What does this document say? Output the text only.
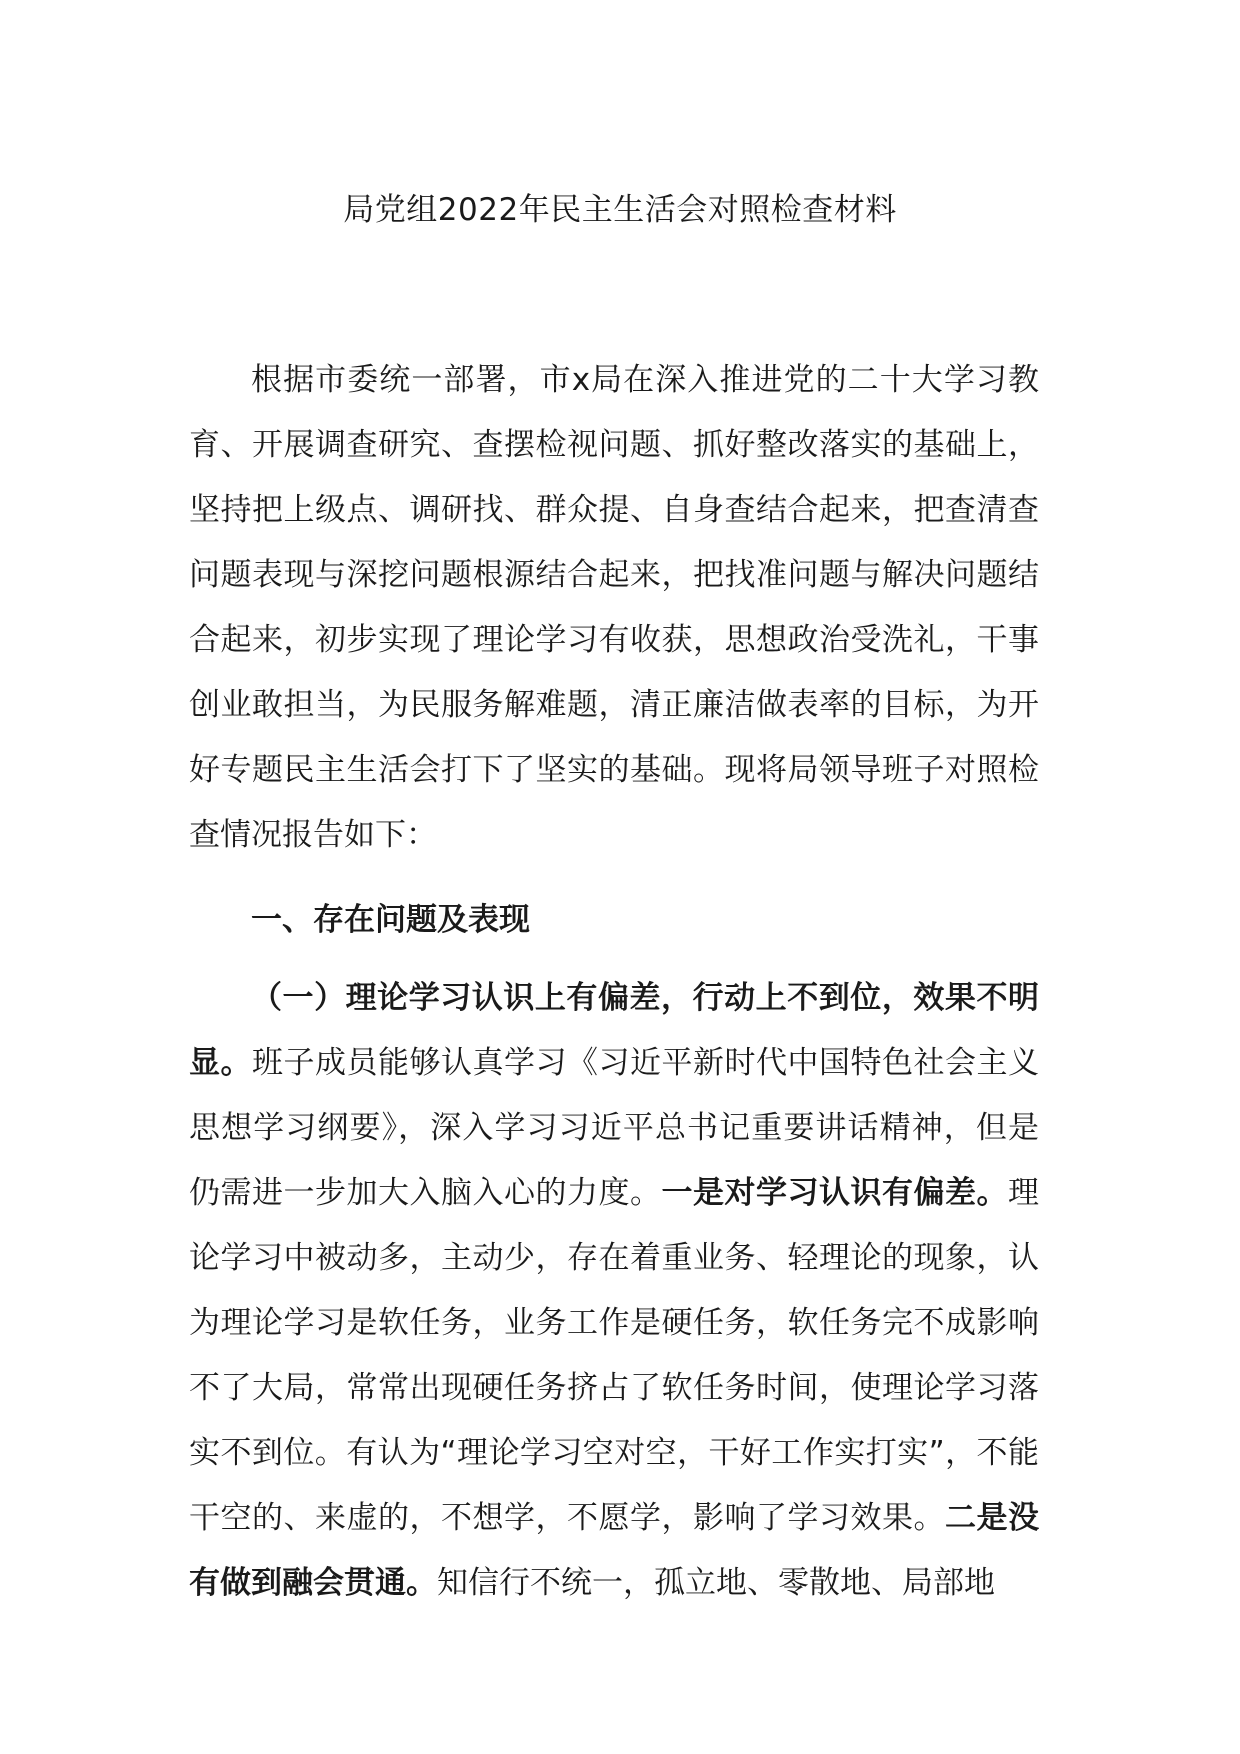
局党组2022年民主生活会对照检查材料

根据市委统一部署，市x局在深入推进党的二十大学习教育、开展调查研究、查摆检视问题、抓好整改落实的基础上，坚持把上级点、调研找、群众提、自身查结合起来，把查清查问题表现与深挖问题根源结合起来，把找准问题与解决问题结合起来，初步实现了理论学习有收获，思想政治受洗礼，干事创业敢担当，为民服务解难题，清正廉洁做表率的目标，为开好专题民主生活会打下了坚实的基础。现将局领导班子对照检查情况报告如下：

一、存在问题及表现

（一）理论学习认识上有偏差，行动上不到位，效果不明显。班子成员能够认真学习《习近平新时代中国特色社会主义思想学习纲要》，深入学习习近平总书记重要讲话精神，但是仍需进一步加大入脑入心的力度。一是对学习认识有偏差。理论学习中被动多，主动少，存在着重业务、轻理论的现象，认为理论学习是软任务，业务工作是硬任务，软任务完不成影响不了大局，常常出现硬任务挤占了软任务时间，使理论学习落实不到位。有认为“理论学习空对空，干好工作实打实”，不能干空的、来虚的，不想学，不愿学，影响了学习效果。二是没有做到融会贯通。知信行不统一，孤立地、零散地、局部地
